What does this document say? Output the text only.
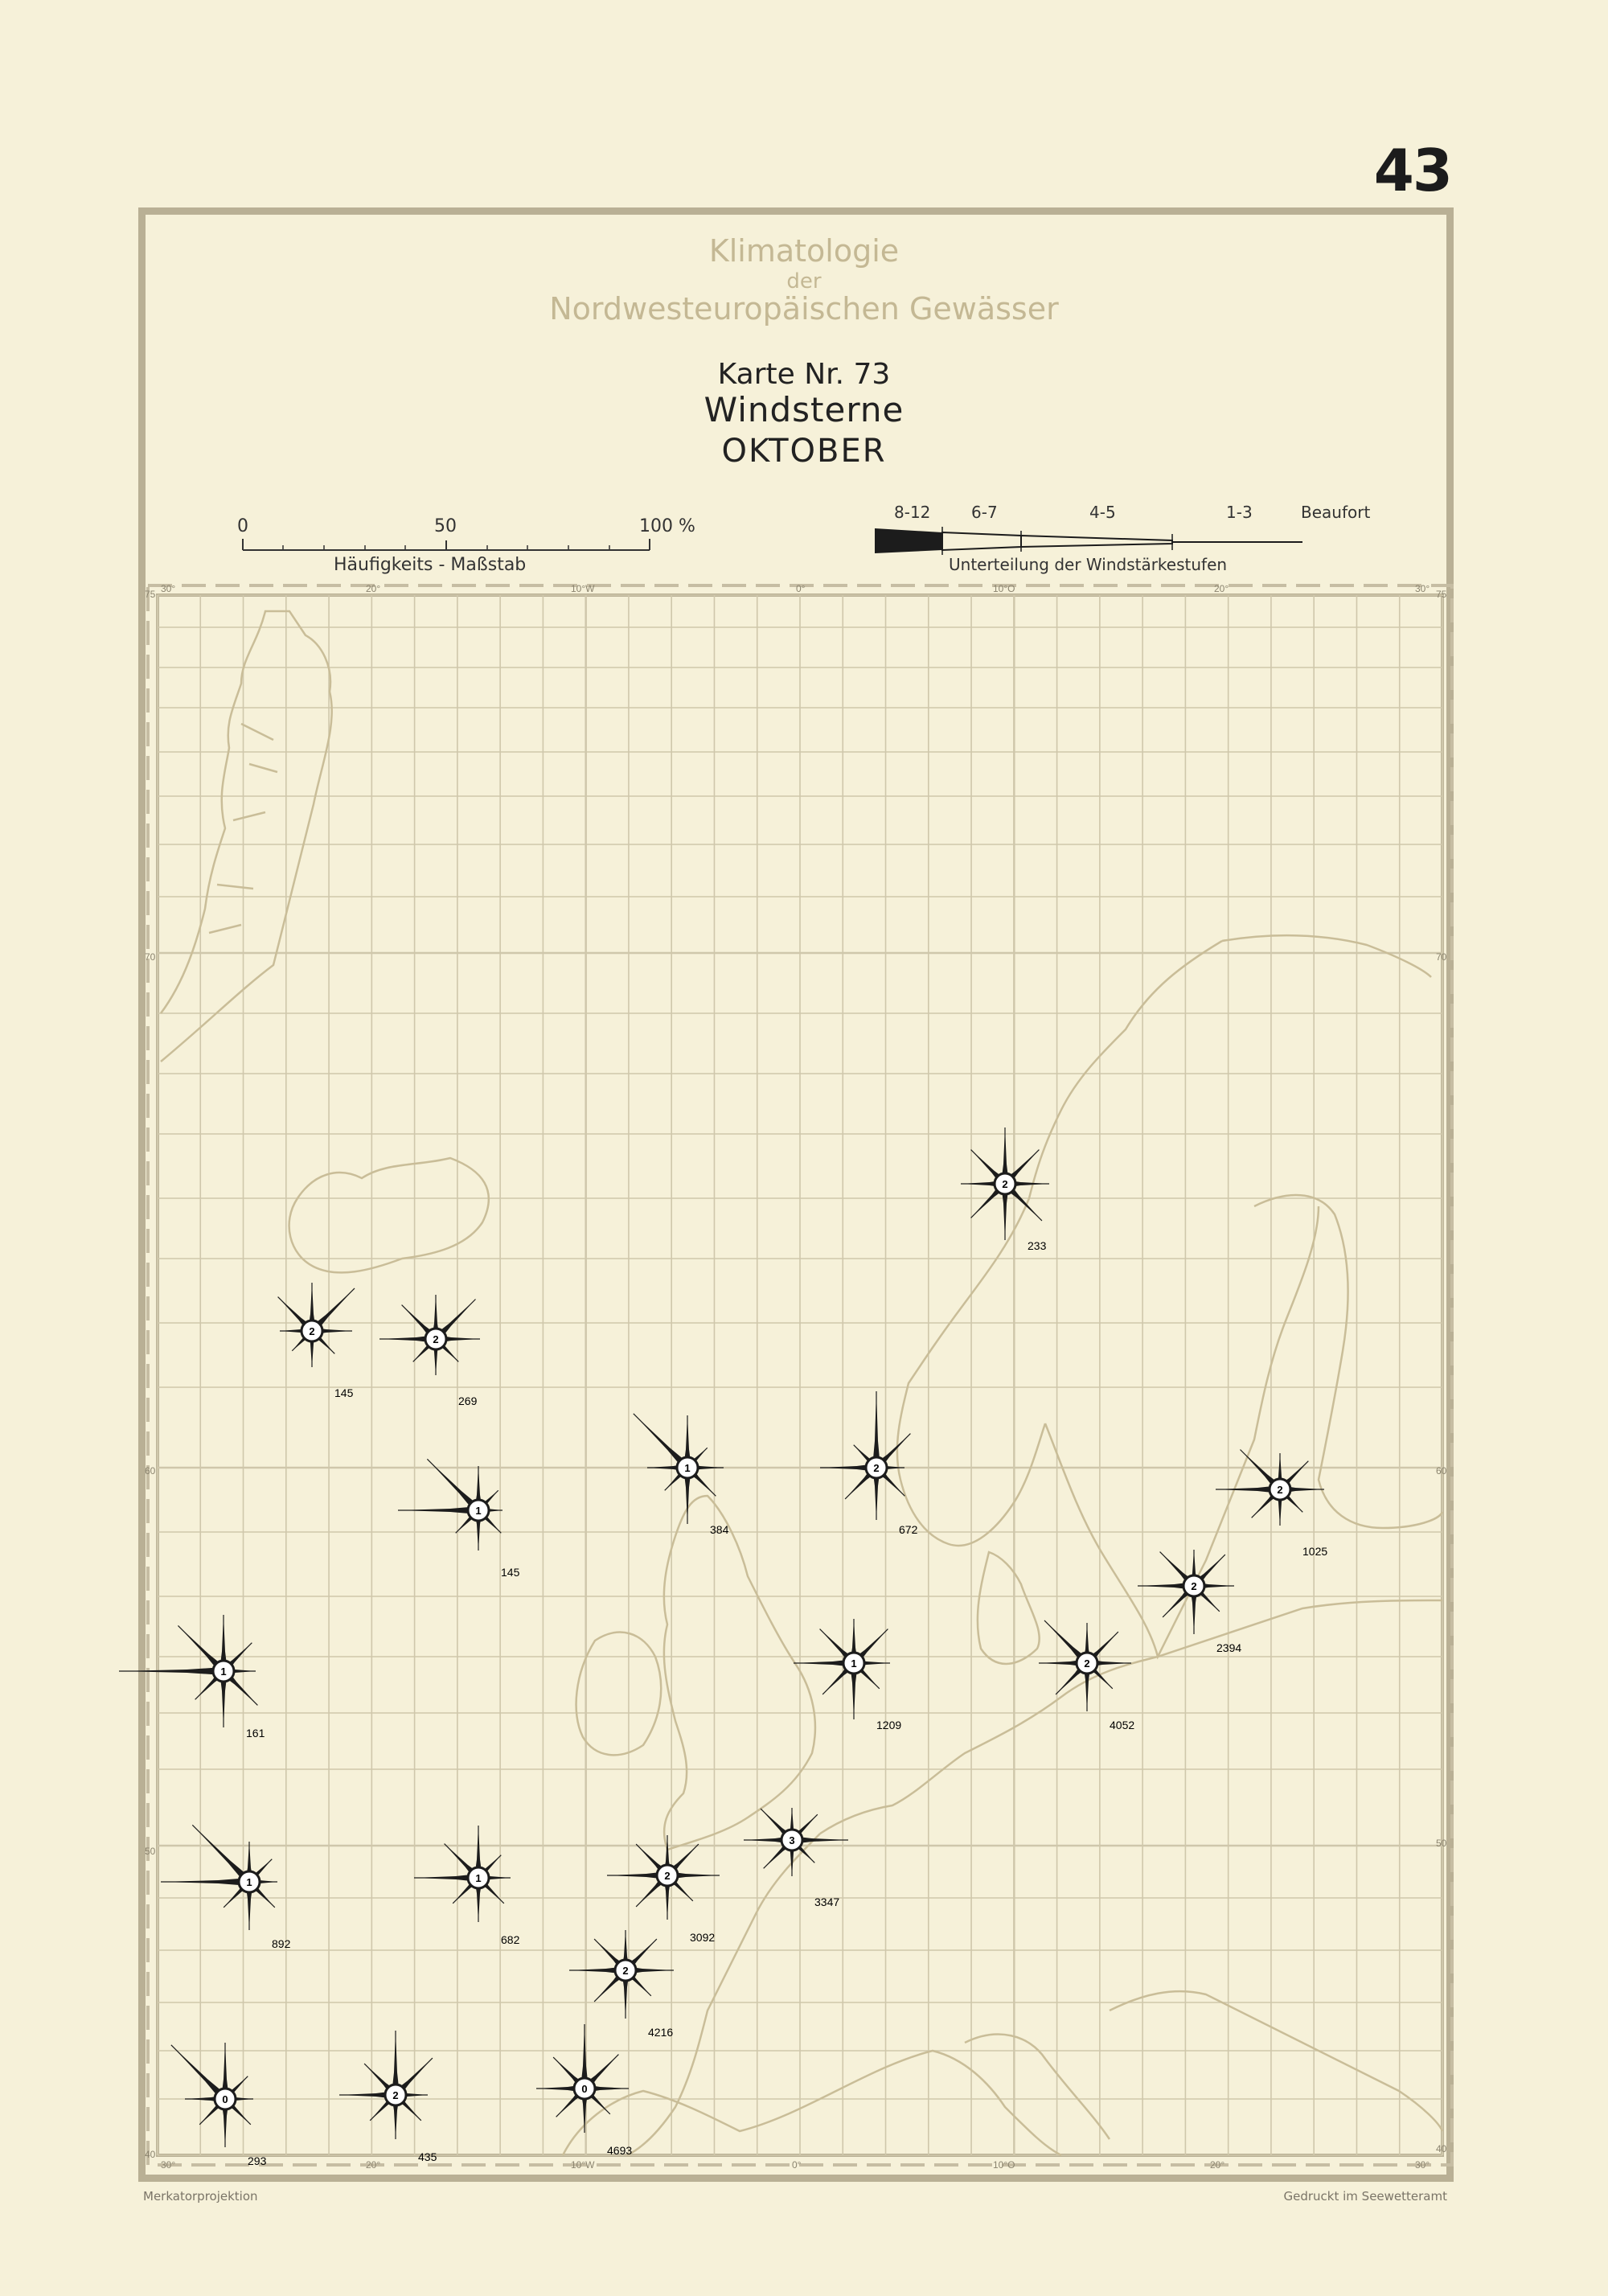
43
Klimatologie
der
Nordwesteuropäischen Gewässer
Karte Nr. 73
Windsterne
OKTOBER
0	50	100 %
Häufigkeits - Maßstab
8-12	6-7	4-5	1-3	Beaufort
Unterteilung der Windstärkestufen
2
233
2
145
2
269
1
384
2
672
1
145
2
1025
2
2394
1
161
1
1209
2
4052
3
3347
1
892
1
682
2
3092
2
4216
0
293
2
435
0
4693
30°	20°	10°W	0°	10°O	20°	30°
30°	20°	10°W	0°	10°O	20°	30°
75
70
60
50
40
75
70
60
50
40
Merkatorprojektion	Gedruckt im Seewetteramt
